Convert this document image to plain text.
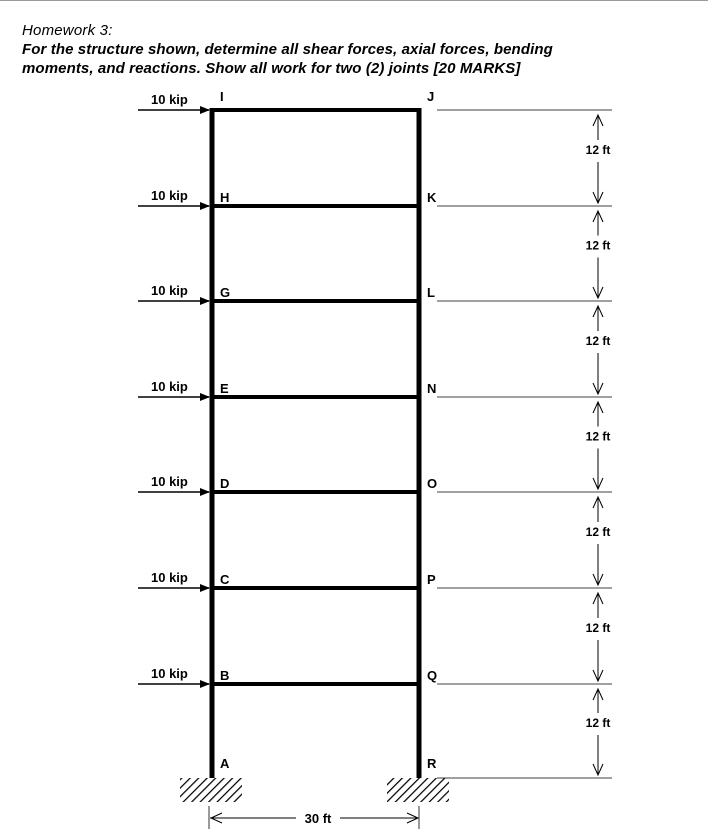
Homework 3:
For the structure shown, determine all shear forces, axial forces, bending
moments, and reactions. Show all work for two (2) joints [20 MARKS]
10 kip
10 kip
10 kip
10 kip
10 kip
10 kip
10 kip
I
H
G
E
D
C
B
A
J
K
L
N
O
P
Q
R
12 ft
12 ft
12 ft
12 ft
12 ft
12 ft
12 ft
30 ft
